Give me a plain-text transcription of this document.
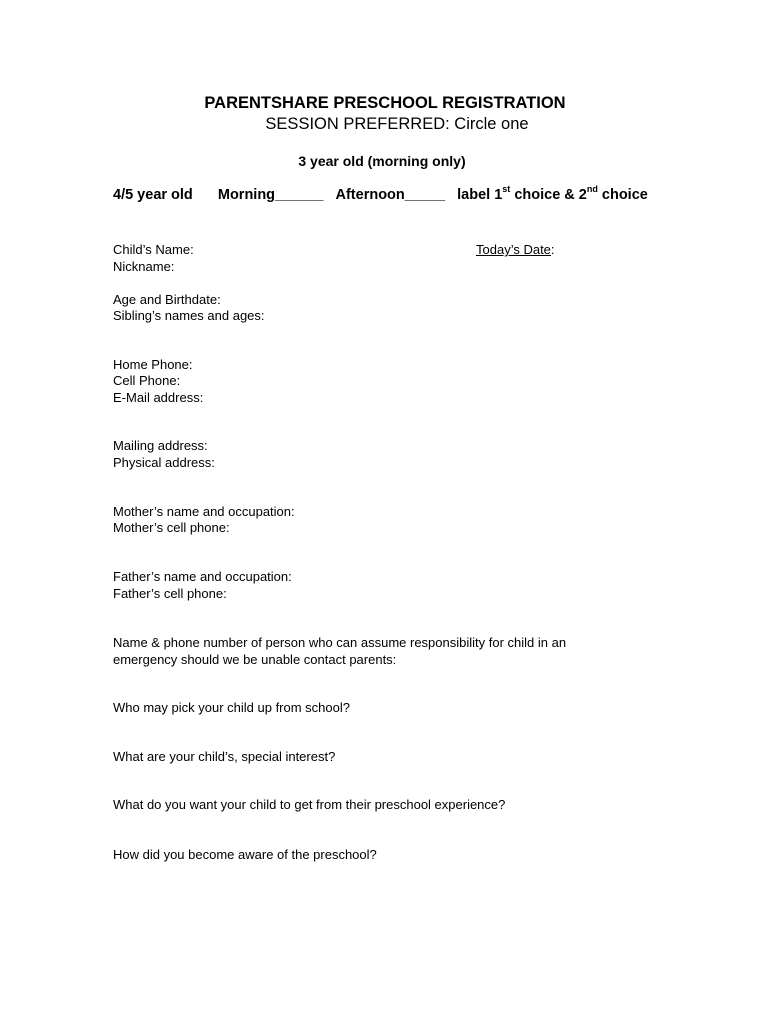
PARENTSHARE PRESCHOOL REGISTRATION
SESSION PREFERRED: Circle one
3 year old (morning only)
4/5 year old Morning______ Afternoon_____ label 1st choice & 2nd choice
Child’s Name:	Today’s Date:
Nickname:
Age and Birthdate:
Sibling’s names and ages:
Home Phone:
Cell Phone:
E-Mail address:
Mailing address:
Physical address:
Mother’s name and occupation:
Mother’s cell phone:
Father’s name and occupation:
Father’s cell phone:
Name & phone number of person who can assume responsibility for child in an
emergency should we be unable contact parents:
Who may pick your child up from school?
What are your child’s, special interest?
What do you want your child to get from their preschool experience?
How did you become aware of the preschool?
